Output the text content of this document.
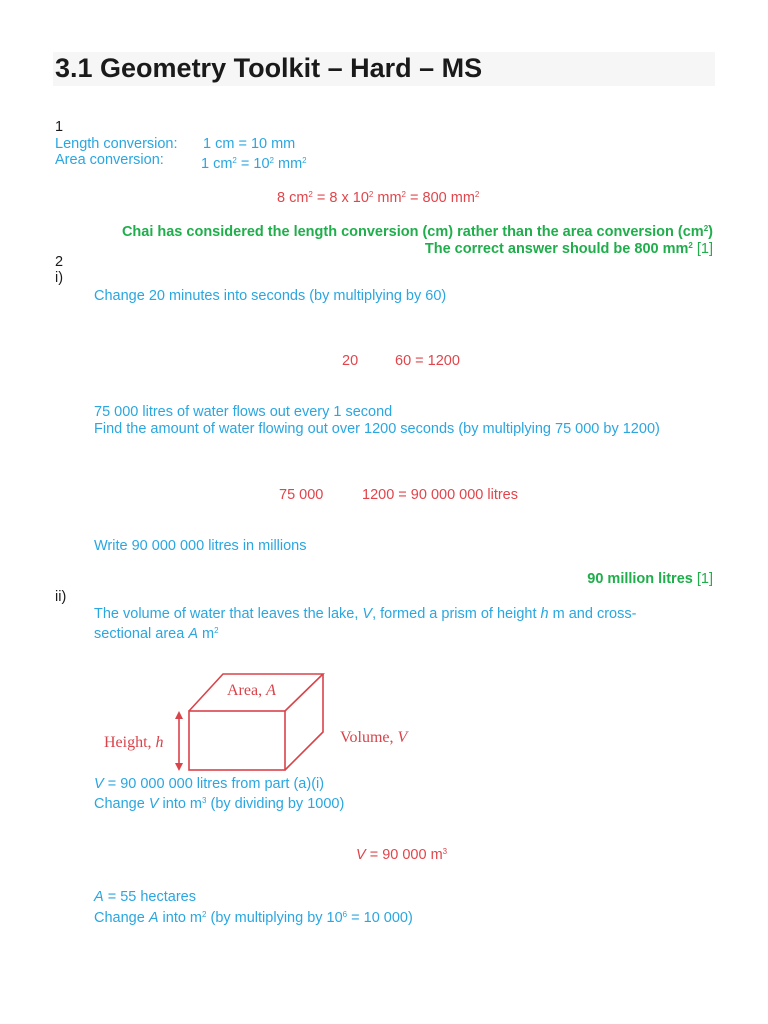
3.1 Geometry Toolkit – Hard – MS
1
Length conversion: 1 cm = 10 mm
Area conversion:	1 $cm^2 = 10^2$ $mm^2$
8 $cm^2 = 8$ x $10^2$ $mm^2 = 800$ $mm^2$
Chai has considered the length conversion (cm) rather than the area conversion $(cm^2)$
The correct answer should be 800 $mm^2$ [1]
2
i)
Change 20 minutes into seconds (by multiplying by 60)
20	60 = 1200
75 000 litres of water flows out every 1 second
Find the amount of water flowing out over 1200 seconds (by multiplying 75 000 by 1200)
75 000	1200 = 90 000 000 litres
Write 90 000 000 litres in millions
90 million litres [1]
ii)
The volume of water that leaves the lake, V, formed a prism of height h m and cross-
sectional area A $m^2$
Area, A
Height, h	Volume, V
V = 90 000 000 litres from part (a)(i)
Change V into $m^3$ (by dividing by 1000)
V = 90 000 $m^3$
A = 55 hectares
Change A into $m^2$ (by multiplying by $10^6 = 10$ 000)
